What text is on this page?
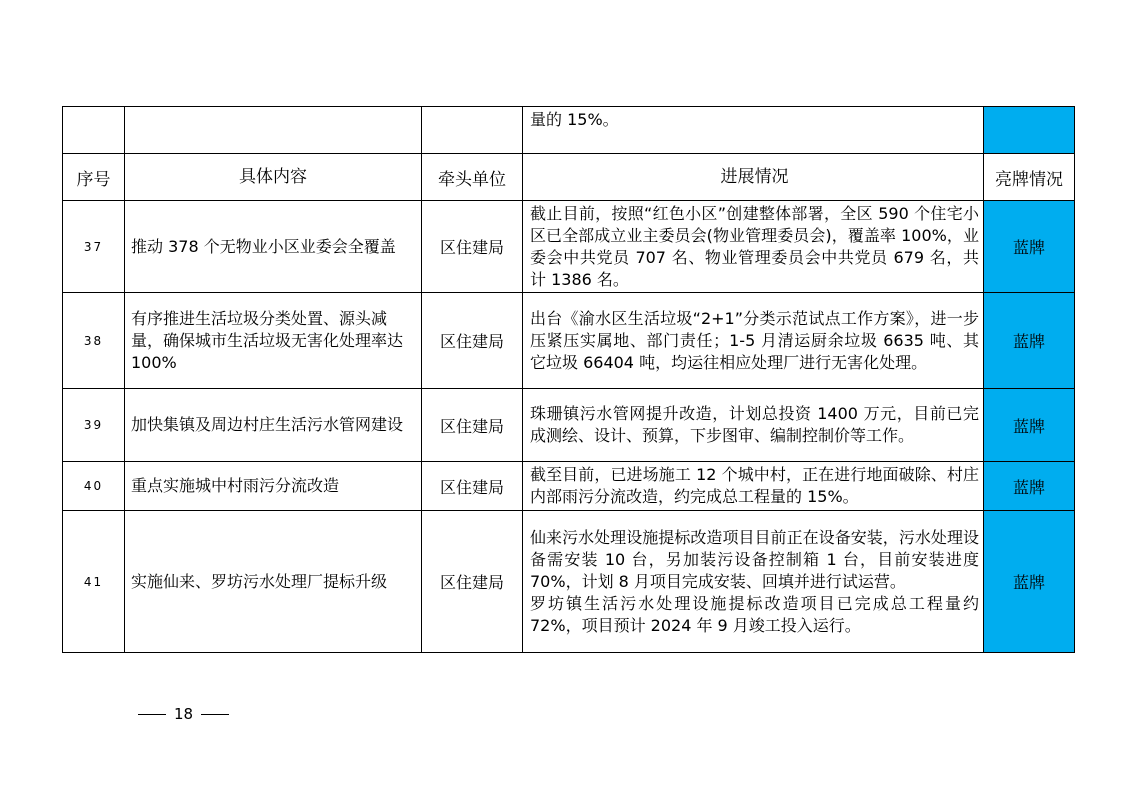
			量的 15%。	
序号	具体内容	牵头单位	进展情况	亮牌情况
37	推动 378 个无物业小区业委会全覆盖	区住建局	截止目前，按照“红色小区”创建整体部署，全区 590 个住宅小区已全部成立业主委员会(物业管理委员会)，覆盖率 100%，业委会中共党员 707 名、物业管理委员会中共党员 679 名，共计 1386 名。	蓝牌
38	有序推进生活垃圾分类处置、源头减量，确保城市生活垃圾无害化处理率达 100%	区住建局	出台《渝水区生活垃圾“2+1”分类示范试点工作方案》，进一步压紧压实属地、部门责任；1-5 月清运厨余垃圾 6635 吨、其它垃圾 66404 吨，均运往相应处理厂进行无害化处理。	蓝牌
39	加快集镇及周边村庄生活污水管网建设	区住建局	珠珊镇污水管网提升改造，计划总投资 1400 万元，目前已完成测绘、设计、预算，下步图审、编制控制价等工作。	蓝牌
40	重点实施城中村雨污分流改造	区住建局	截至目前，已进场施工 12 个城中村，正在进行地面破除、村庄内部雨污分流改造，约完成总工程量的 15%。	蓝牌
41	实施仙来、罗坊污水处理厂提标升级	区住建局	仙来污水处理设施提标改造项目目前正在设备安装，污水处理设备需安装 10 台，另加装污设备控制箱 1 台，目前安装进度 70%，计划 8 月项目完成安装、回填并进行试运营。
罗坊镇生活污水处理设施提标改造项目已完成总工程量约 72%，项目预计 2024 年 9 月竣工投入运行。	蓝牌
18
